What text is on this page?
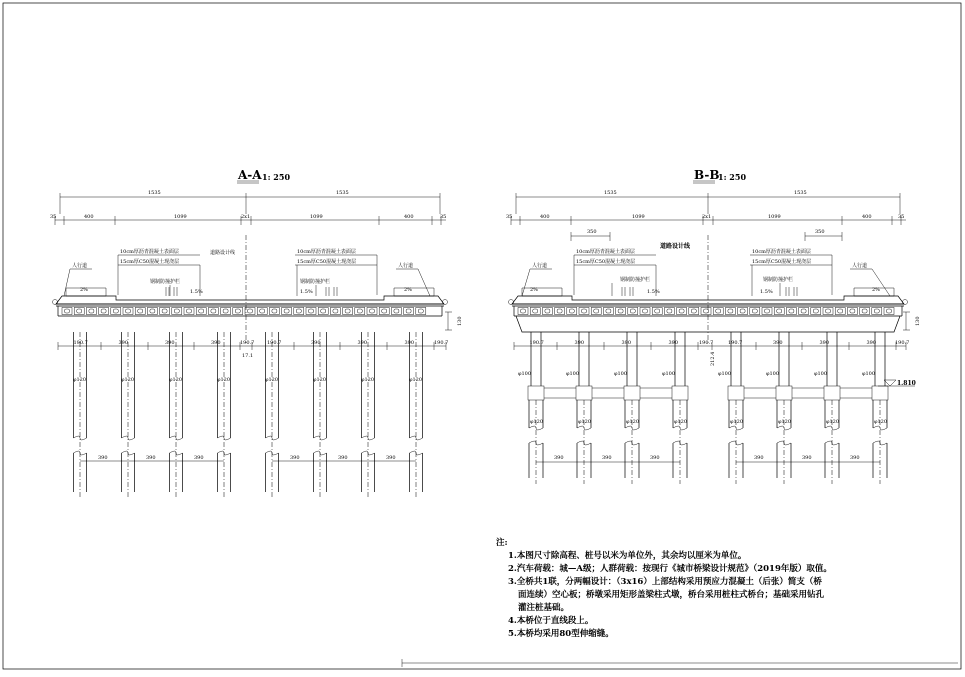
A-A 1: 250
1535	1535
35	400	1099	2x1	1099	400	35
道路设计线
10cm厚沥青混凝土表面层
15cm厚C50混凝土现浇层
10cm厚沥青混凝土表面层
15cm厚C50混凝土现浇层
钢制防撞护栏	钢制防撞护栏
人行道	人行道
2%	1.5%	1.5%	2%
130
190.7	390	390	390	190.7	190.7	390	390	390	190.7
17.1
φ120	φ120	φ120	φ120	φ120	φ120	φ120	φ120
390	390	390	390	390	390
B-B
1: 250
1535	1535
35	400	1099	2x1	1099	400	35
350	350
道路设计线
10cm厚沥青混凝土表面层
15cm厚C50混凝土现浇层
10cm厚沥青混凝土表面层
15cm厚C50混凝土现浇层
钢制防撞护栏	钢制防撞护栏
人行道	人行道
2%	1.5%	1.5%	2%
130
190.7	390	390	390	190.7	190.7	390	390	390	190.7
212.4
φ100
φ120
φ100
φ120
φ100
φ120
φ100
φ120
φ100
φ120
φ100
φ120
φ100
φ120
φ100
φ120
390	390	390	390	390	390
1.810
注:
1.本图尺寸除高程、桩号以米为单位外，其余均以厘米为单位。
2.汽车荷载：城—A级；人群荷载：按现行《城市桥梁设计规范》（2019年版）取值。
3.全桥共1联，分两幅设计：（3x16）上部结构采用预应力混凝土（后张）简支（桥
面连续）空心板；桥墩采用矩形盖梁柱式墩，桥台采用桩柱式桥台；基础采用钻孔
灌注桩基础。
4.本桥位于直线段上。
5.本桥均采用80型伸缩缝。
